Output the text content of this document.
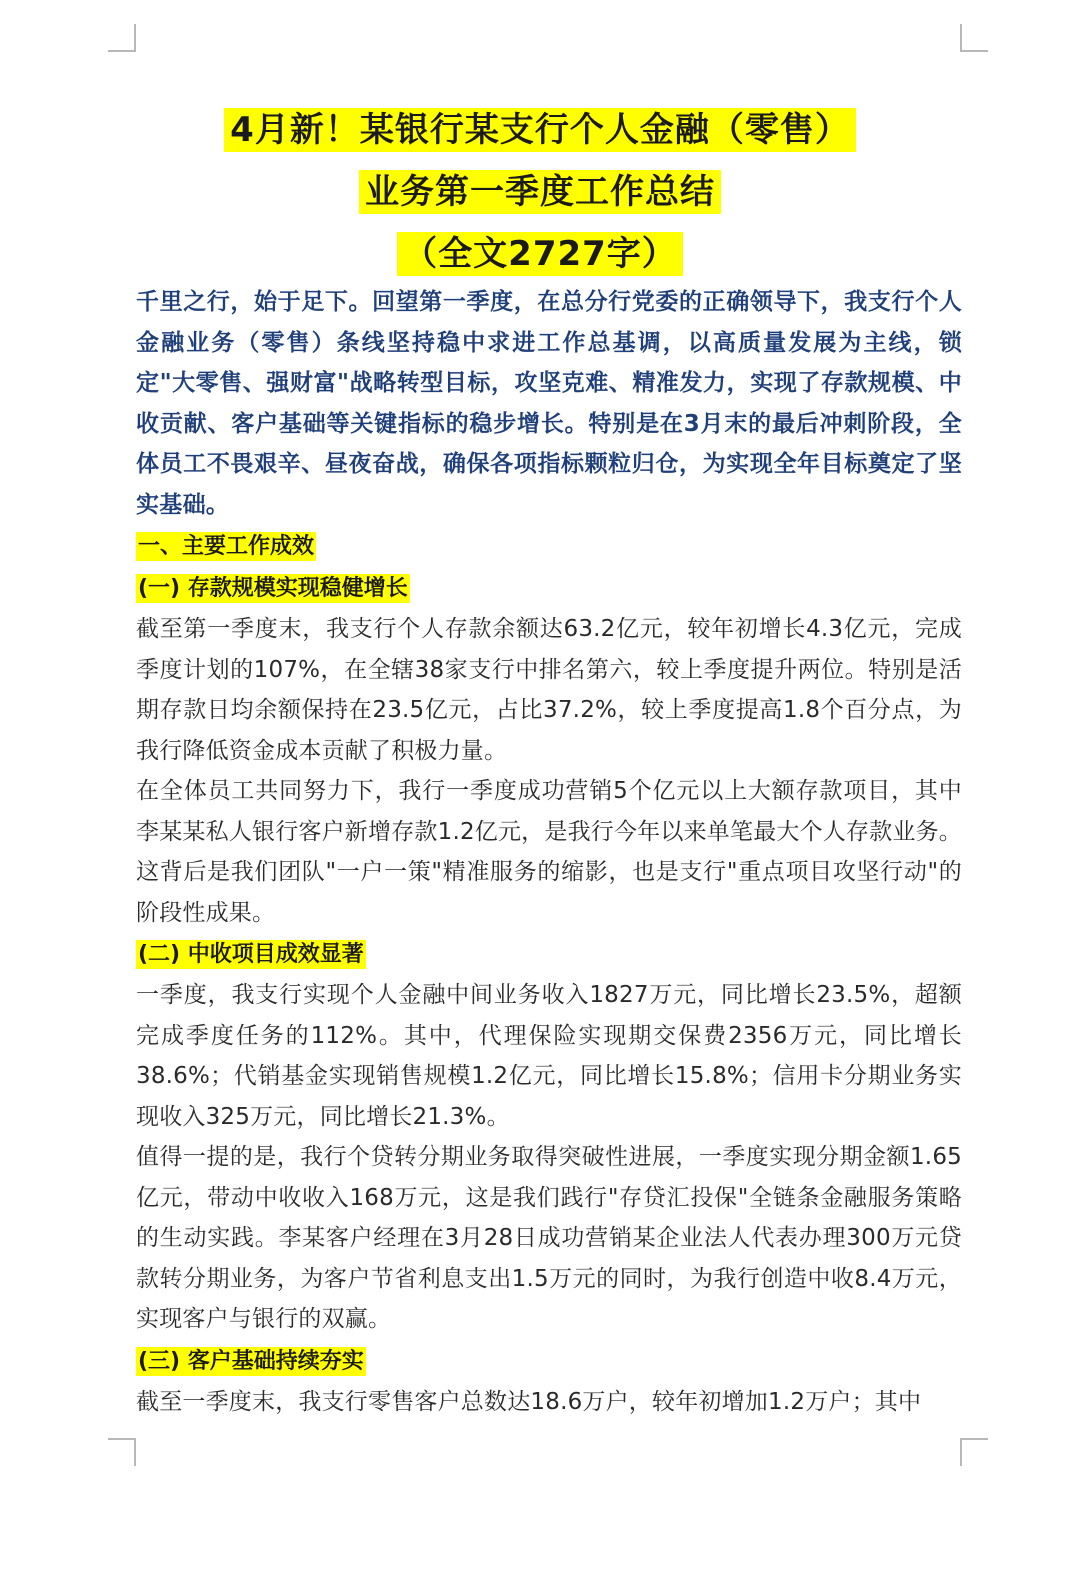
4月新！某银行某支行个人金融（零售）
业务第一季度工作总结
（全文2727字）

千里之行，始于足下。回望第一季度，在总分行党委的正确领导下，我支行个人金融业务（零售）条线坚持稳中求进工作总基调，以高质量发展为主线，锁定"大零售、强财富"战略转型目标，攻坚克难、精准发力，实现了存款规模、中收贡献、客户基础等关键指标的稳步增长。特别是在3月末的最后冲刺阶段，全体员工不畏艰辛、昼夜奋战，确保各项指标颗粒归仓，为实现全年目标奠定了坚实基础。

一、主要工作成效
(一) 存款规模实现稳健增长

截至第一季度末，我支行个人存款余额达63.2亿元，较年初增长4.3亿元，完成季度计划的107%，在全辖38家支行中排名第六，较上季度提升两位。特别是活期存款日均余额保持在23.5亿元，占比37.2%，较上季度提高1.8个百分点，为我行降低资金成本贡献了积极力量。

在全体员工共同努力下，我行一季度成功营销5个亿元以上大额存款项目，其中李某某私人银行客户新增存款1.2亿元，是我行今年以来单笔最大个人存款业务。这背后是我们团队"一户一策"精准服务的缩影，也是支行"重点项目攻坚行动"的阶段性成果。

(二) 中收项目成效显著

一季度，我支行实现个人金融中间业务收入1827万元，同比增长23.5%，超额完成季度任务的112%。其中，代理保险实现期交保费2356万元，同比增长38.6%；代销基金实现销售规模1.2亿元，同比增长15.8%；信用卡分期业务实现收入325万元，同比增长21.3%。

值得一提的是，我行个贷转分期业务取得突破性进展，一季度实现分期金额1.65亿元，带动中收收入168万元，这是我们践行"存贷汇投保"全链条金融服务策略的生动实践。李某客户经理在3月28日成功营销某企业法人代表办理300万元贷款转分期业务，为客户节省利息支出1.5万元的同时，为我行创造中收8.4万元，实现客户与银行的双赢。

(三) 客户基础持续夯实

截至一季度末，我支行零售客户总数达18.6万户，较年初增加1.2万户；其中
